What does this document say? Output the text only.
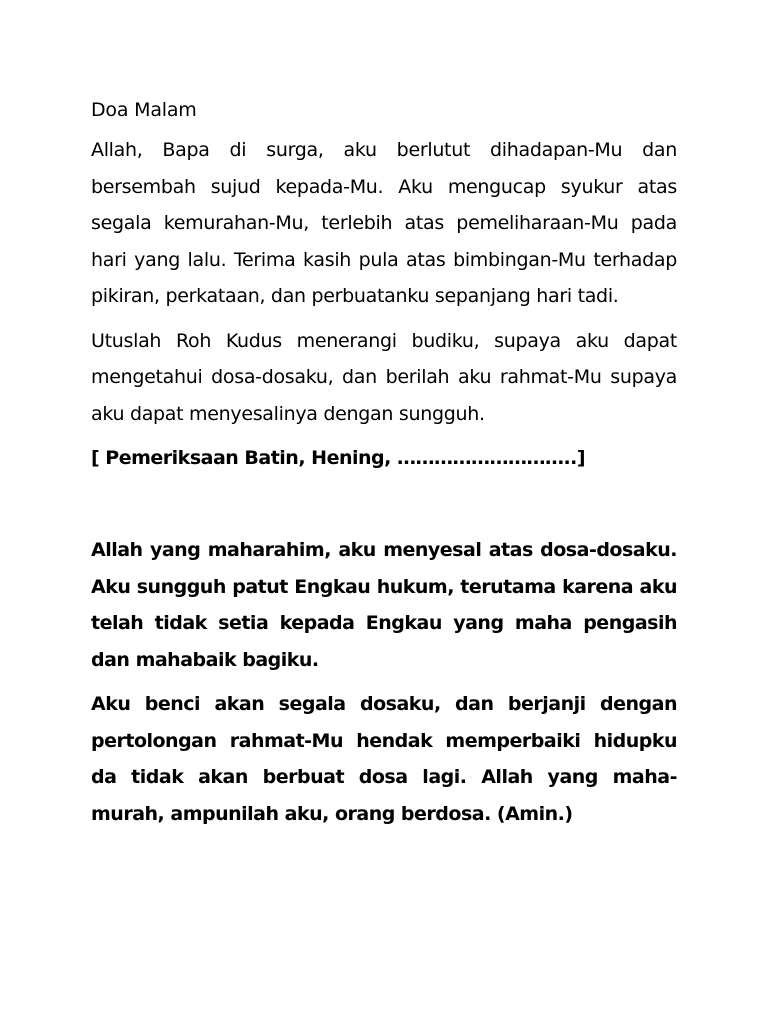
Doa Malam

Allah, Bapa di surga, aku berlutut dihadapan-Mu dan bersembah sujud kepada-Mu. Aku mengucap syukur atas segala kemurahan-Mu, terlebih atas pemeliharaan-Mu pada hari yang lalu. Terima kasih pula atas bimbingan-Mu terhadap pikiran, perkataan, dan perbuatanku sepanjang hari tadi.

Utuslah Roh Kudus menerangi budiku, supaya aku dapat mengetahui dosa-dosaku, dan berilah aku rahmat-Mu supaya aku dapat menyesalinya dengan sungguh.

[ Pemeriksaan Batin, Hening, ………………………..]

Allah yang maharahim, aku menyesal atas dosa-dosaku. Aku sungguh patut Engkau hukum, terutama karena aku telah tidak setia kepada Engkau yang maha pengasih dan mahabaik bagiku.

Aku benci akan segala dosaku, dan berjanji dengan pertolongan rahmat-Mu hendak memperbaiki hidupku da tidak akan berbuat dosa lagi. Allah yang maha-murah, ampunilah aku, orang berdosa. (Amin.)
